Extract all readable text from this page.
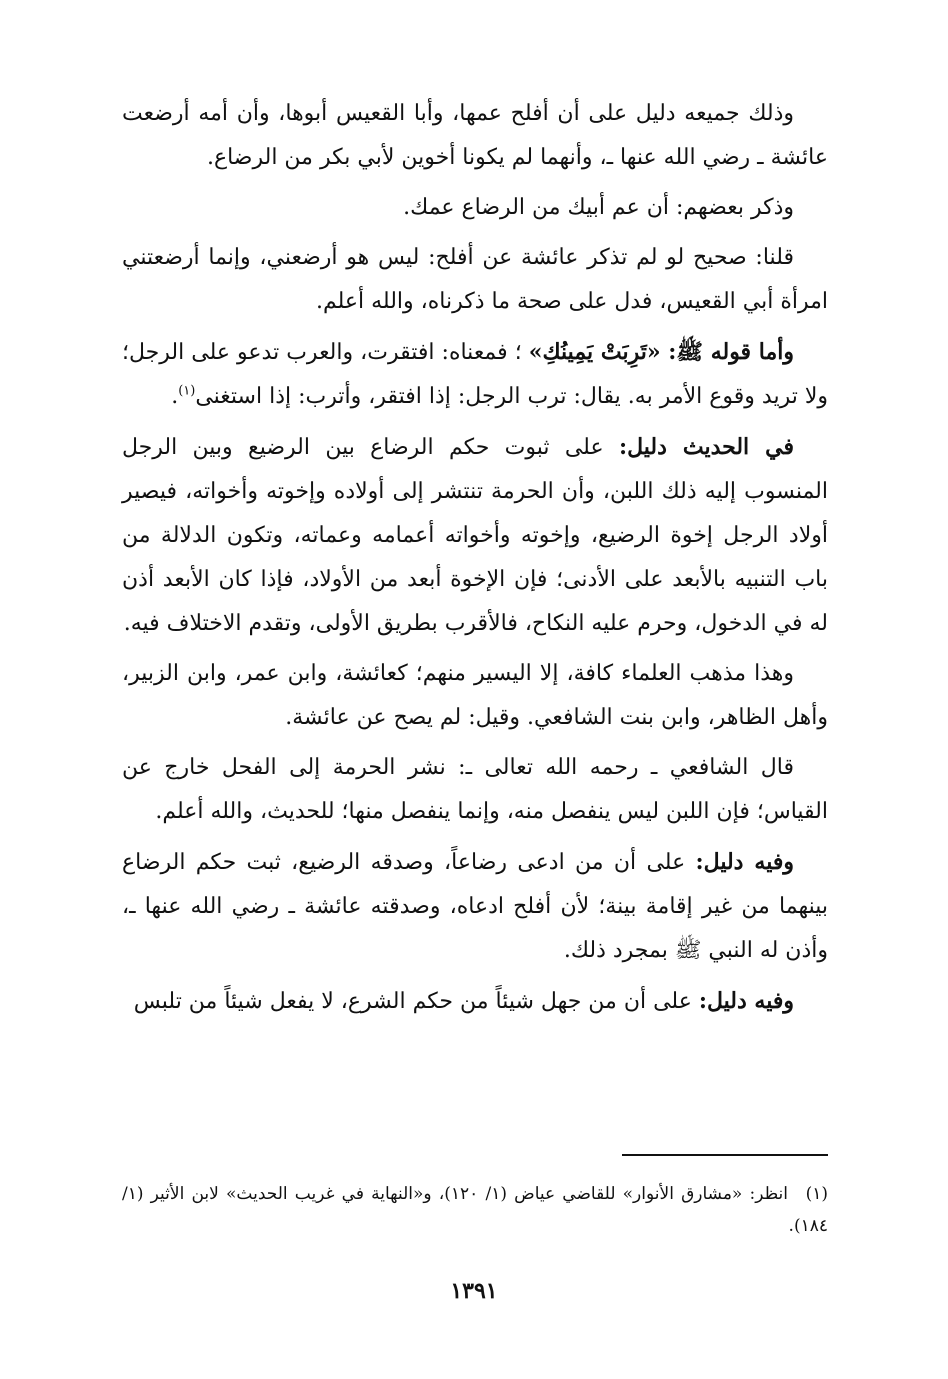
وذلك جميعه دليل على أن أفلح عمها، وأبا القعيس أبوها، وأن أمه أرضعت عائشة ـ رضي الله عنها ـ، وأنهما لم يكونا أخوين لأبي بكر من الرضاع.

وذكر بعضهم: أن عم أبيك من الرضاع عمك.

قلنا: صحيح لو لم تذكر عائشة عن أفلح: ليس هو أرضعني، وإنما أرضعتني امرأة أبي القعيس، فدل على صحة ما ذكرناه، والله أعلم.

وأما قوله ﷺ: «تَرِبَتْ يَمِينُكِ» ؛ فمعناه: افتقرت، والعرب تدعو على الرجل؛ ولا تريد وقوع الأمر به. يقال: ترب الرجل: إذا افتقر، وأترب: إذا استغنى$^{(١)}$.

في الحديث دليل: على ثبوت حكم الرضاع بين الرضيع وبين الرجل المنسوب إليه ذلك اللبن، وأن الحرمة تنتشر إلى أولاده وإخوته وأخواته، فيصير أولاد الرجل إخوة الرضيع، وإخوته وأخواته أعمامه وعماته، وتكون الدلالة من باب التنبيه بالأبعد على الأدنى؛ فإن الإخوة أبعد من الأولاد، فإذا كان الأبعد أذن له في الدخول، وحرم عليه النكاح، فالأقرب بطريق الأولى، وتقدم الاختلاف فيه.

وهذا مذهب العلماء كافة، إلا اليسير منهم؛ كعائشة، وابن عمر، وابن الزبير، وأهل الظاهر، وابن بنت الشافعي. وقيل: لم يصح عن عائشة.

قال الشافعي ـ رحمه الله تعالى ـ: نشر الحرمة إلى الفحل خارج عن القياس؛ فإن اللبن ليس ينفصل منه، وإنما ينفصل منها؛ للحديث، والله أعلم.

وفيه دليل: على أن من ادعى رضاعاً، وصدقه الرضيع، ثبت حكم الرضاع بينهما من غير إقامة بينة؛ لأن أفلح ادعاه، وصدقته عائشة ـ رضي الله عنها ـ، وأذن له النبي ﷺ بمجرد ذلك.

وفيه دليل: على أن من جهل شيئاً من حكم الشرع، لا يفعل شيئاً من تلبس

(١)انظر: «مشارق الأنوار» للقاضي عياض (١/ ١٢٠)، و«النهاية في غريب الحديث» لابن الأثير (١/ ١٨٤).

١٣٩١
